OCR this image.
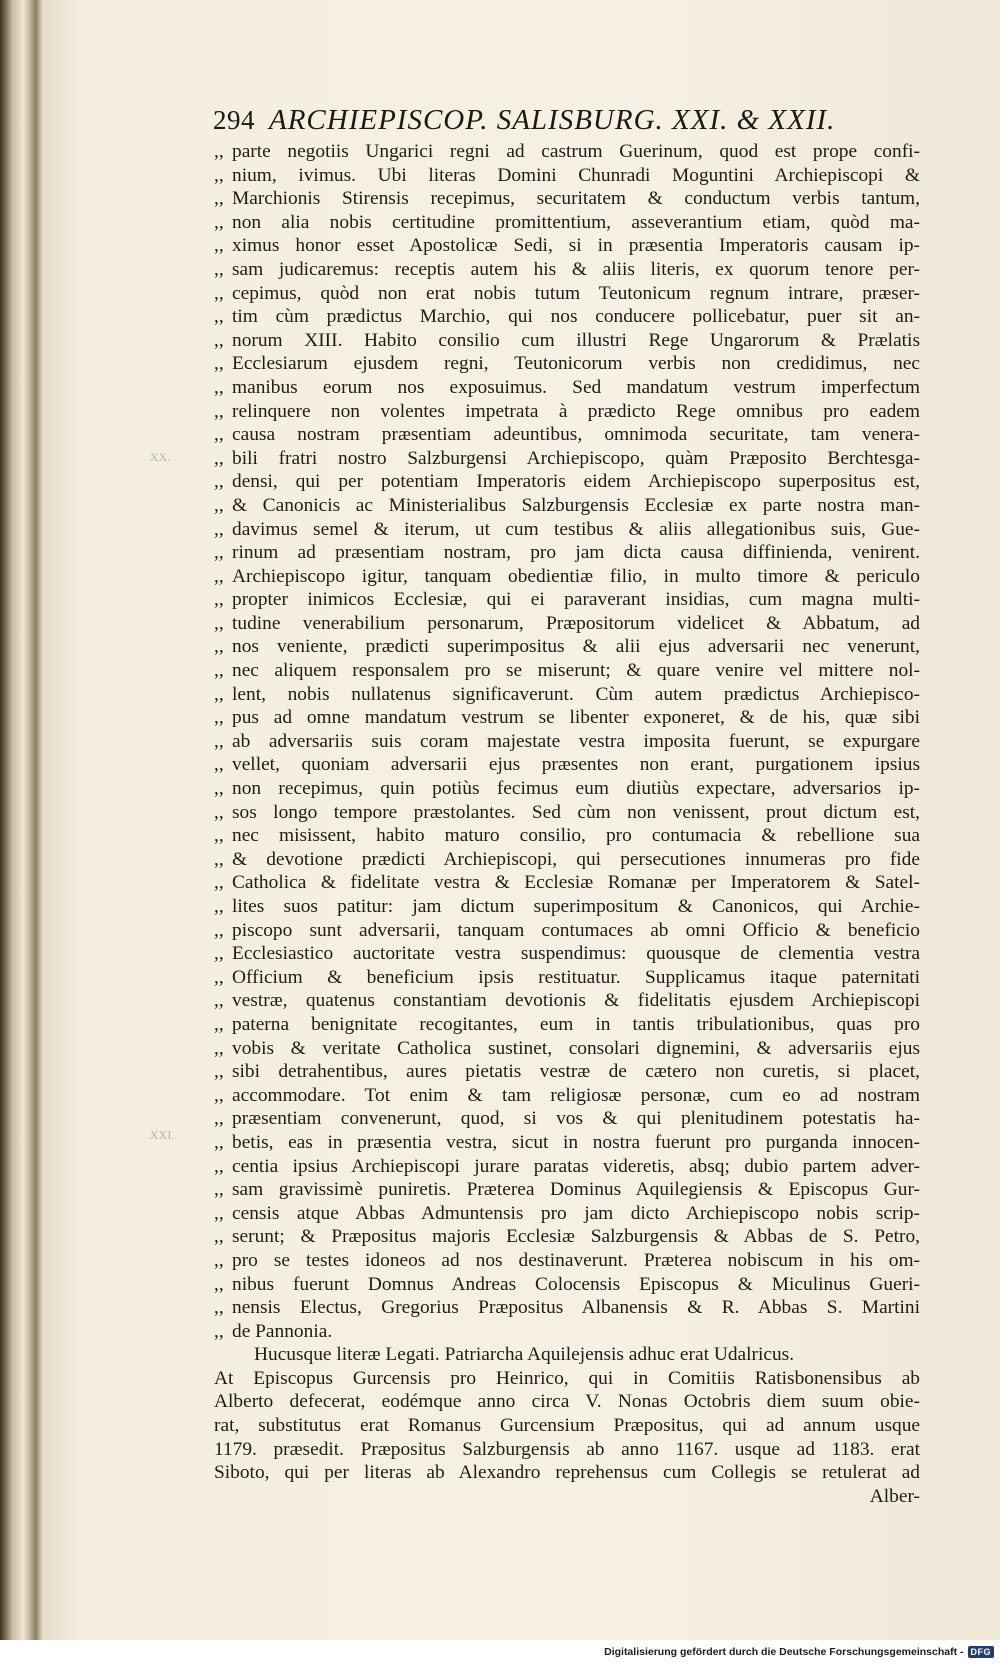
XX.
XXI.
294 ARCHIEPISCOP. SALISBURG. XXI. & XXII.
,, parte negotiis Ungarici regni ad castrum Guerinum, quod est prope confi-
,, nium, ivimus. Ubi literas Domini Chunradi Moguntini Archiepiscopi &
,, Marchionis Stirensis recepimus, securitatem & conductum verbis tantum,
,, non alia nobis certitudine promittentium, asseverantium etiam, quòd ma-
,, ximus honor esset Apostolicæ Sedi, si in præsentia Imperatoris causam ip-
,, sam judicaremus: receptis autem his & aliis literis, ex quorum tenore per-
,, cepimus, quòd non erat nobis tutum Teutonicum regnum intrare, præser-
,, tim cùm prædictus Marchio, qui nos conducere pollicebatur, puer sit an-
,, norum XIII. Habito consilio cum illustri Rege Ungarorum & Prælatis
,, Ecclesiarum ejusdem regni, Teutonicorum verbis non credidimus, nec
,, manibus eorum nos exposuimus. Sed mandatum vestrum imperfectum
,, relinquere non volentes impetrata à prædicto Rege omnibus pro eadem
,, causa nostram præsentiam adeuntibus, omnimoda securitate, tam venera-
,, bili fratri nostro Salzburgensi Archiepiscopo, quàm Præposito Berchtesga-
,, densi, qui per potentiam Imperatoris eidem Archiepiscopo superpositus est,
,, & Canonicis ac Ministerialibus Salzburgensis Ecclesiæ ex parte nostra man-
,, davimus semel & iterum, ut cum testibus & aliis allegationibus suis, Gue-
,, rinum ad præsentiam nostram, pro jam dicta causa diffinienda, venirent.
,, Archiepiscopo igitur, tanquam obedientiæ filio, in multo timore & periculo
,, propter inimicos Ecclesiæ, qui ei paraverant insidias, cum magna multi-
,, tudine venerabilium personarum, Præpositorum videlicet & Abbatum, ad
,, nos veniente, prædicti superimpositus & alii ejus adversarii nec venerunt,
,, nec aliquem responsalem pro se miserunt; & quare venire vel mittere nol-
,, lent, nobis nullatenus significaverunt. Cùm autem prædictus Archiepisco-
,, pus ad omne mandatum vestrum se libenter exponeret, & de his, quæ sibi
,, ab adversariis suis coram majestate vestra imposita fuerunt, se expurgare
,, vellet, quoniam adversarii ejus præsentes non erant, purgationem ipsius
,, non recepimus, quin potiùs fecimus eum diutiùs expectare, adversarios ip-
,, sos longo tempore præstolantes. Sed cùm non venissent, prout dictum est,
,, nec misissent, habito maturo consilio, pro contumacia & rebellione sua
,, & devotione prædicti Archiepiscopi, qui persecutiones innumeras pro fide
,, Catholica & fidelitate vestra & Ecclesiæ Romanæ per Imperatorem & Satel-
,, lites suos patitur: jam dictum superimpositum & Canonicos, qui Archie-
,, piscopo sunt adversarii, tanquam contumaces ab omni Officio & beneficio
,, Ecclesiastico auctoritate vestra suspendimus: quousque de clementia vestra
,, Officium & beneficium ipsis restituatur. Supplicamus itaque paternitati
,, vestræ, quatenus constantiam devotionis & fidelitatis ejusdem Archiepiscopi
,, paterna benignitate recogitantes, eum in tantis tribulationibus, quas pro
,, vobis & veritate Catholica sustinet, consolari dignemini, & adversariis ejus
,, sibi detrahentibus, aures pietatis vestræ de cætero non curetis, si placet,
,, accommodare. Tot enim & tam religiosæ personæ, cum eo ad nostram
,, præsentiam convenerunt, quod, si vos & qui plenitudinem potestatis ha-
,, betis, eas in præsentia vestra, sicut in nostra fuerunt pro purganda innocen-
,, centia ipsius Archiepiscopi jurare paratas videretis, absq; dubio partem adver-
,, sam gravissimè puniretis. Præterea Dominus Aquilegiensis & Episcopus Gur-
,, censis atque Abbas Admuntensis pro jam dicto Archiepiscopo nobis scrip-
,, serunt; & Præpositus majoris Ecclesiæ Salzburgensis & Abbas de S. Petro,
,, pro se testes idoneos ad nos destinaverunt. Præterea nobiscum in his om-
,, nibus fuerunt Domnus Andreas Colocensis Episcopus & Miculinus Gueri-
,, nensis Electus, Gregorius Præpositus Albanensis & R. Abbas S. Martini
,, de Pannonia.
Hucusque literæ Legati. Patriarcha Aquilejensis adhuc erat Udalricus.
At Episcopus Gurcensis pro Heinrico, qui in Comitiis Ratisbonensibus ab
Alberto defecerat, eodémque anno circa V. Nonas Octobris diem suum obie-
rat, substitutus erat Romanus Gurcensium Præpositus, qui ad annum usque
1179. præsedit. Præpositus Salzburgensis ab anno 1167. usque ad 1183. erat
Siboto, qui per literas ab Alexandro reprehensus cum Collegis se retulerat ad
Alber-
Digitalisierung gefördert durch die Deutsche Forschungsgemeinschaft - DFG
